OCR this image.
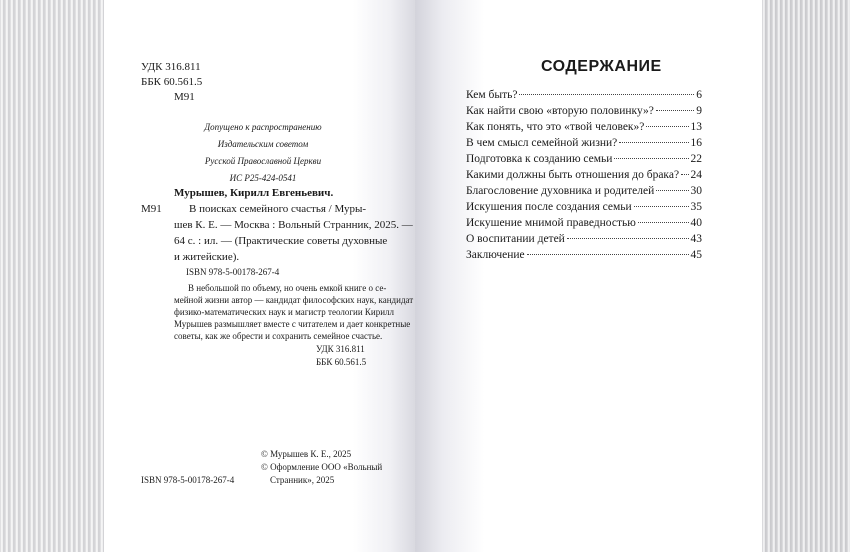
УДК 316.811
ББК 60.561.5
М91
Допущено к распространению
Издательским советом
Русской Православной Церкви
ИС Р25-424-0541
Мурышев, Кирилл Евгеньевич.
М91 В поисках семейного счастья / Муры-
шев К. Е. — Москва : Вольный Странник, 2025. —
64 с. : ил. — (Практические советы духовные
и житейские).
ISBN 978-5-00178-267-4
В небольшой по объему, но очень емкой книге о се-
мейной жизни автор — кандидат философских наук, кандидат
физико-математических наук и магистр теологии Кирилл
Мурышев размышляет вместе с читателем и дает конкретные
советы, как же обрести и сохранить семейное счастье.
УДК 316.811
ББК 60.561.5
© Мурышев К. Е., 2025
© Оформление ООО «Вольный
Странник», 2025
ISBN 978-5-00178-267-4
СОДЕРЖАНИЕ
Кем быть?	6
Как найти свою «вторую половинку»?	9
Как понять, что это «твой человек»?	13
В чем смысл семейной жизни?	16
Подготовка к созданию семьи	22
Какими должны быть отношения до брака? 24
Благословение духовника и родителей	30
Искушения после создания семьи	35
Искушение мнимой праведностью	40
О воспитании детей	43
Заключение	45
